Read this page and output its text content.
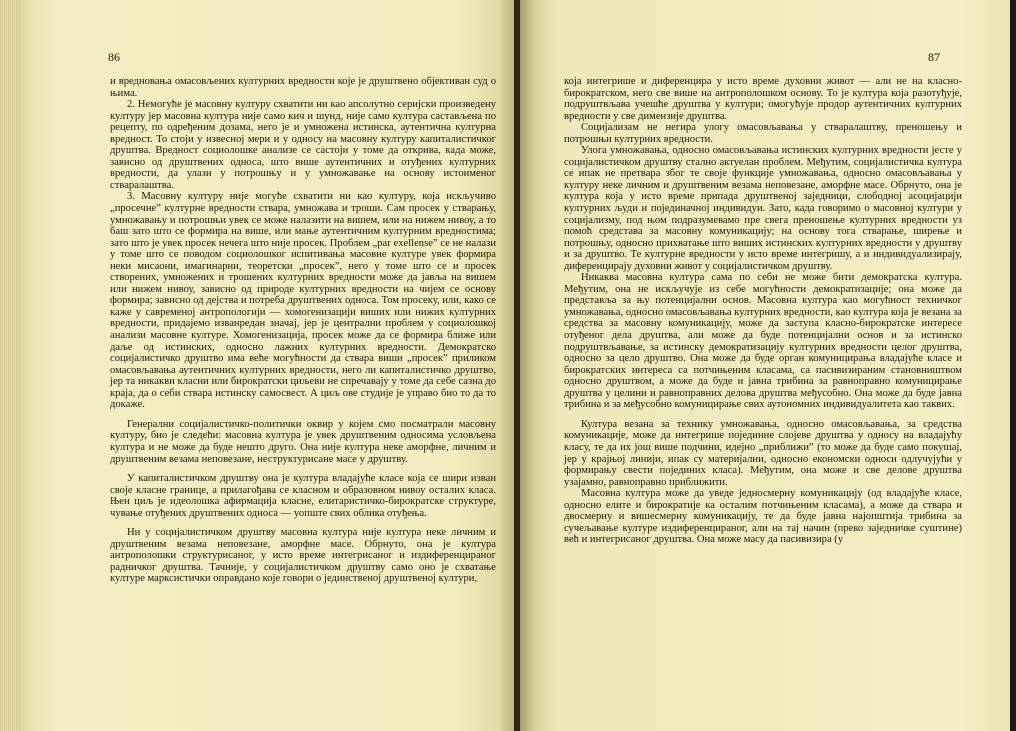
86

и вредновања омасовљених културних вредности које је друштвено објективан суд о њима.

2. Немогуће је масовну културу схватити ни као апсолутно серијски произведену културу јер масовна култура није само кич и шунд, није само култура састављена по рецепту, по одређеним дозама, него је и умножена истинска, аутентична културна вредност. То стоји у извесној мери и у односу на масовну културу капиталистичког друштва. Вредност социолошке анализе се састоји у томе да открива, када може, зависно од друштвених односа, што више аутентичних и отуђених културних вредности, да улази у потрошњу и у умножавање на основу истоименог стваралаштва.

3. Масовну културу није могуће схватити ни као културу, која искључиво „просечне” културне вредности ствара, умножава и троши. Сам просек у стварању, умножавању и потрошњи увек се може налазити на вишем, или на нижем нивоу, а то баш зато што се формира на више, или мање аутентичним културним вредностима; зато што је увек просек нечега што није просек. Проблем „par exellense” се не налази у томе што се поводом социолошког испитивања масовне културе увек формира неки мисаони, имагинарни, теоретски „просек”, него у томе што се и просек створених, умножених и трошених културних вредности може да јавља на вишем или нижем нивоу, зависно од природе културних вредности на чијем се основу формира; зависно од дејства и потреба друштвених односа. Том просеку, или, како се каже у савременој антропологији — хомогенизацији виших или нижих културних вредности, придајемо изванредан значај, јер је централни проблем у социолошкој анализи масовне културе. Хомогенизација, просек може да се формира ближе или даље од истинских, односно лажних културних вредности. Демократско социјалистичко друштво има веће могућности да ствара виши „просек” приликом омасовљавања аутентичних културних вредности, него ли капиталистичко друштво, јер та никакви класни или бирократски циљеви не спречавају у томе да себе сазна до краја, да о себи ствара истинску самосвест. А циљ ове студије је управо био то да то докаже.

Генерални социјалистичко-политички оквир у којем смо посматрали масовну културу, био је следећи: масовна култура је увек друштвеним односима условљена култура и не може да буде нешто друго. Она није култура неке аморфне, личним и друштвеним везама неповезане, неструктурисане масе у друштву.

У капиталистичком друштву она је култура владајуће класе која се шири изван своје класне границе, а прилагођава се класном и образовном нивоу осталих класа. Њен циљ је идеолошка афирмација класне, елитаристичко-бирократске структуре, чување отуђених друштвених односа — уопште свих облика отуђења.

Ни у социјалистичком друштву масовна култура није култура неке личним и друштвеним везама неповезане, аморфне масе. Обрнуто, она је култура антрополошки структурисаног, у исто време интегрисаног и издиференцираног радничког друштва. Тачније, у социјалистичком друштву само оно је схватање културе марксистички оправдано које говори о јединственој друштвеној култури,

87

која интегрише и диференцира у исто време духовни живот — али не на класно-бирократском, него све више на антрополошком основу. То је култура која разотуђује, подруштвљава учешће друштва у култури; омогућује продор аутентичних културних вредности у све димензије друштва.

Социјализам не негира улогу омасовљавања у стваралаштву, преношењу и потрошњи културних вредности.

Улога умножавања, односно омасовљавања истинских културних вредности јесте у социјалистичком друштву стално актуелан проблем. Међутим, социјалистичка култура се ипак не претвара због те своје функције умножавања, односно омасовљавања у културу неке личним и друштвеним везама неповезане, аморфне масе. Обрнуто, она је култура која у исто време припада друштвеној заједници, слободној асоцијацији културних људи и појединачној индивидуи. Зато, када говоримо о масовној култури у социјализму, под њом подразумевамо пре свега преношење културних вредности уз помоћ средстава за масовну комуникацију; на основу тога стварање, ширење и потрошњу, односно прихватање што виших истинских културних вредности у друштву и за друштво. Те културне вредности у исто време интегришу, а и индивидуализирају, диференцирају духовни живот у социјалистичком друштву.

Никаква масовна култура сама по себи не може бити демократска култура. Међутим, она не искључује из себе могућности демократизације; она може да представља за њу потенцијални основ. Масовна култура као могућност техничког умножавања, односно омасовљавања културних вредности, као култура која је везана за средства за масовну комуникацију, може да заступа класно-бирократске интересе отуђеног дела друштва, али може да буде потенцијални основ и за истинско подруштвљавање, за истинску демократизацију културних вредности целог друштва, односно за цело друштво. Она може да буде орган комуницирања владајуће класе и бирократских интереса са потчињеним класама, са пасивизираним становништвом односно друштвом, а може да буде и јавна трибина за равноправно комуницирање друштва у целини и равноправних делова друштва међусобно. Она може да буде јавна трибина и за међусобно комуницирање свих аутономних индивидуалитета као таквих.

Култура везана за технику умножавања, односно омасовљавања, за средства комуникације, може да интегрише појединне слојеве друштва у односу на владајућу класу, те да их још више подчини, идејно „приближи” (то може да буде само покушај, јер у крајњој линији, ипак су материјални, односно економски односи одлучујући у формирању свести појединих класа). Међутим, она може и све делове друштва узајамно, равноправно приближити.

Масовна култура може да уведе једносмерну комуникацију (од владајуће класе, односно елите и бирократије ка осталим потчињеним класама), а може да ствара и двосмерну и вишесмерну комуникацију, те да буде јавна најопштија трибина за сучељавање културе издиференцираног, али на тај начин (преко заједничке суштине) већ и интегрисаног друштва. Она може масу да пасивизира (у
